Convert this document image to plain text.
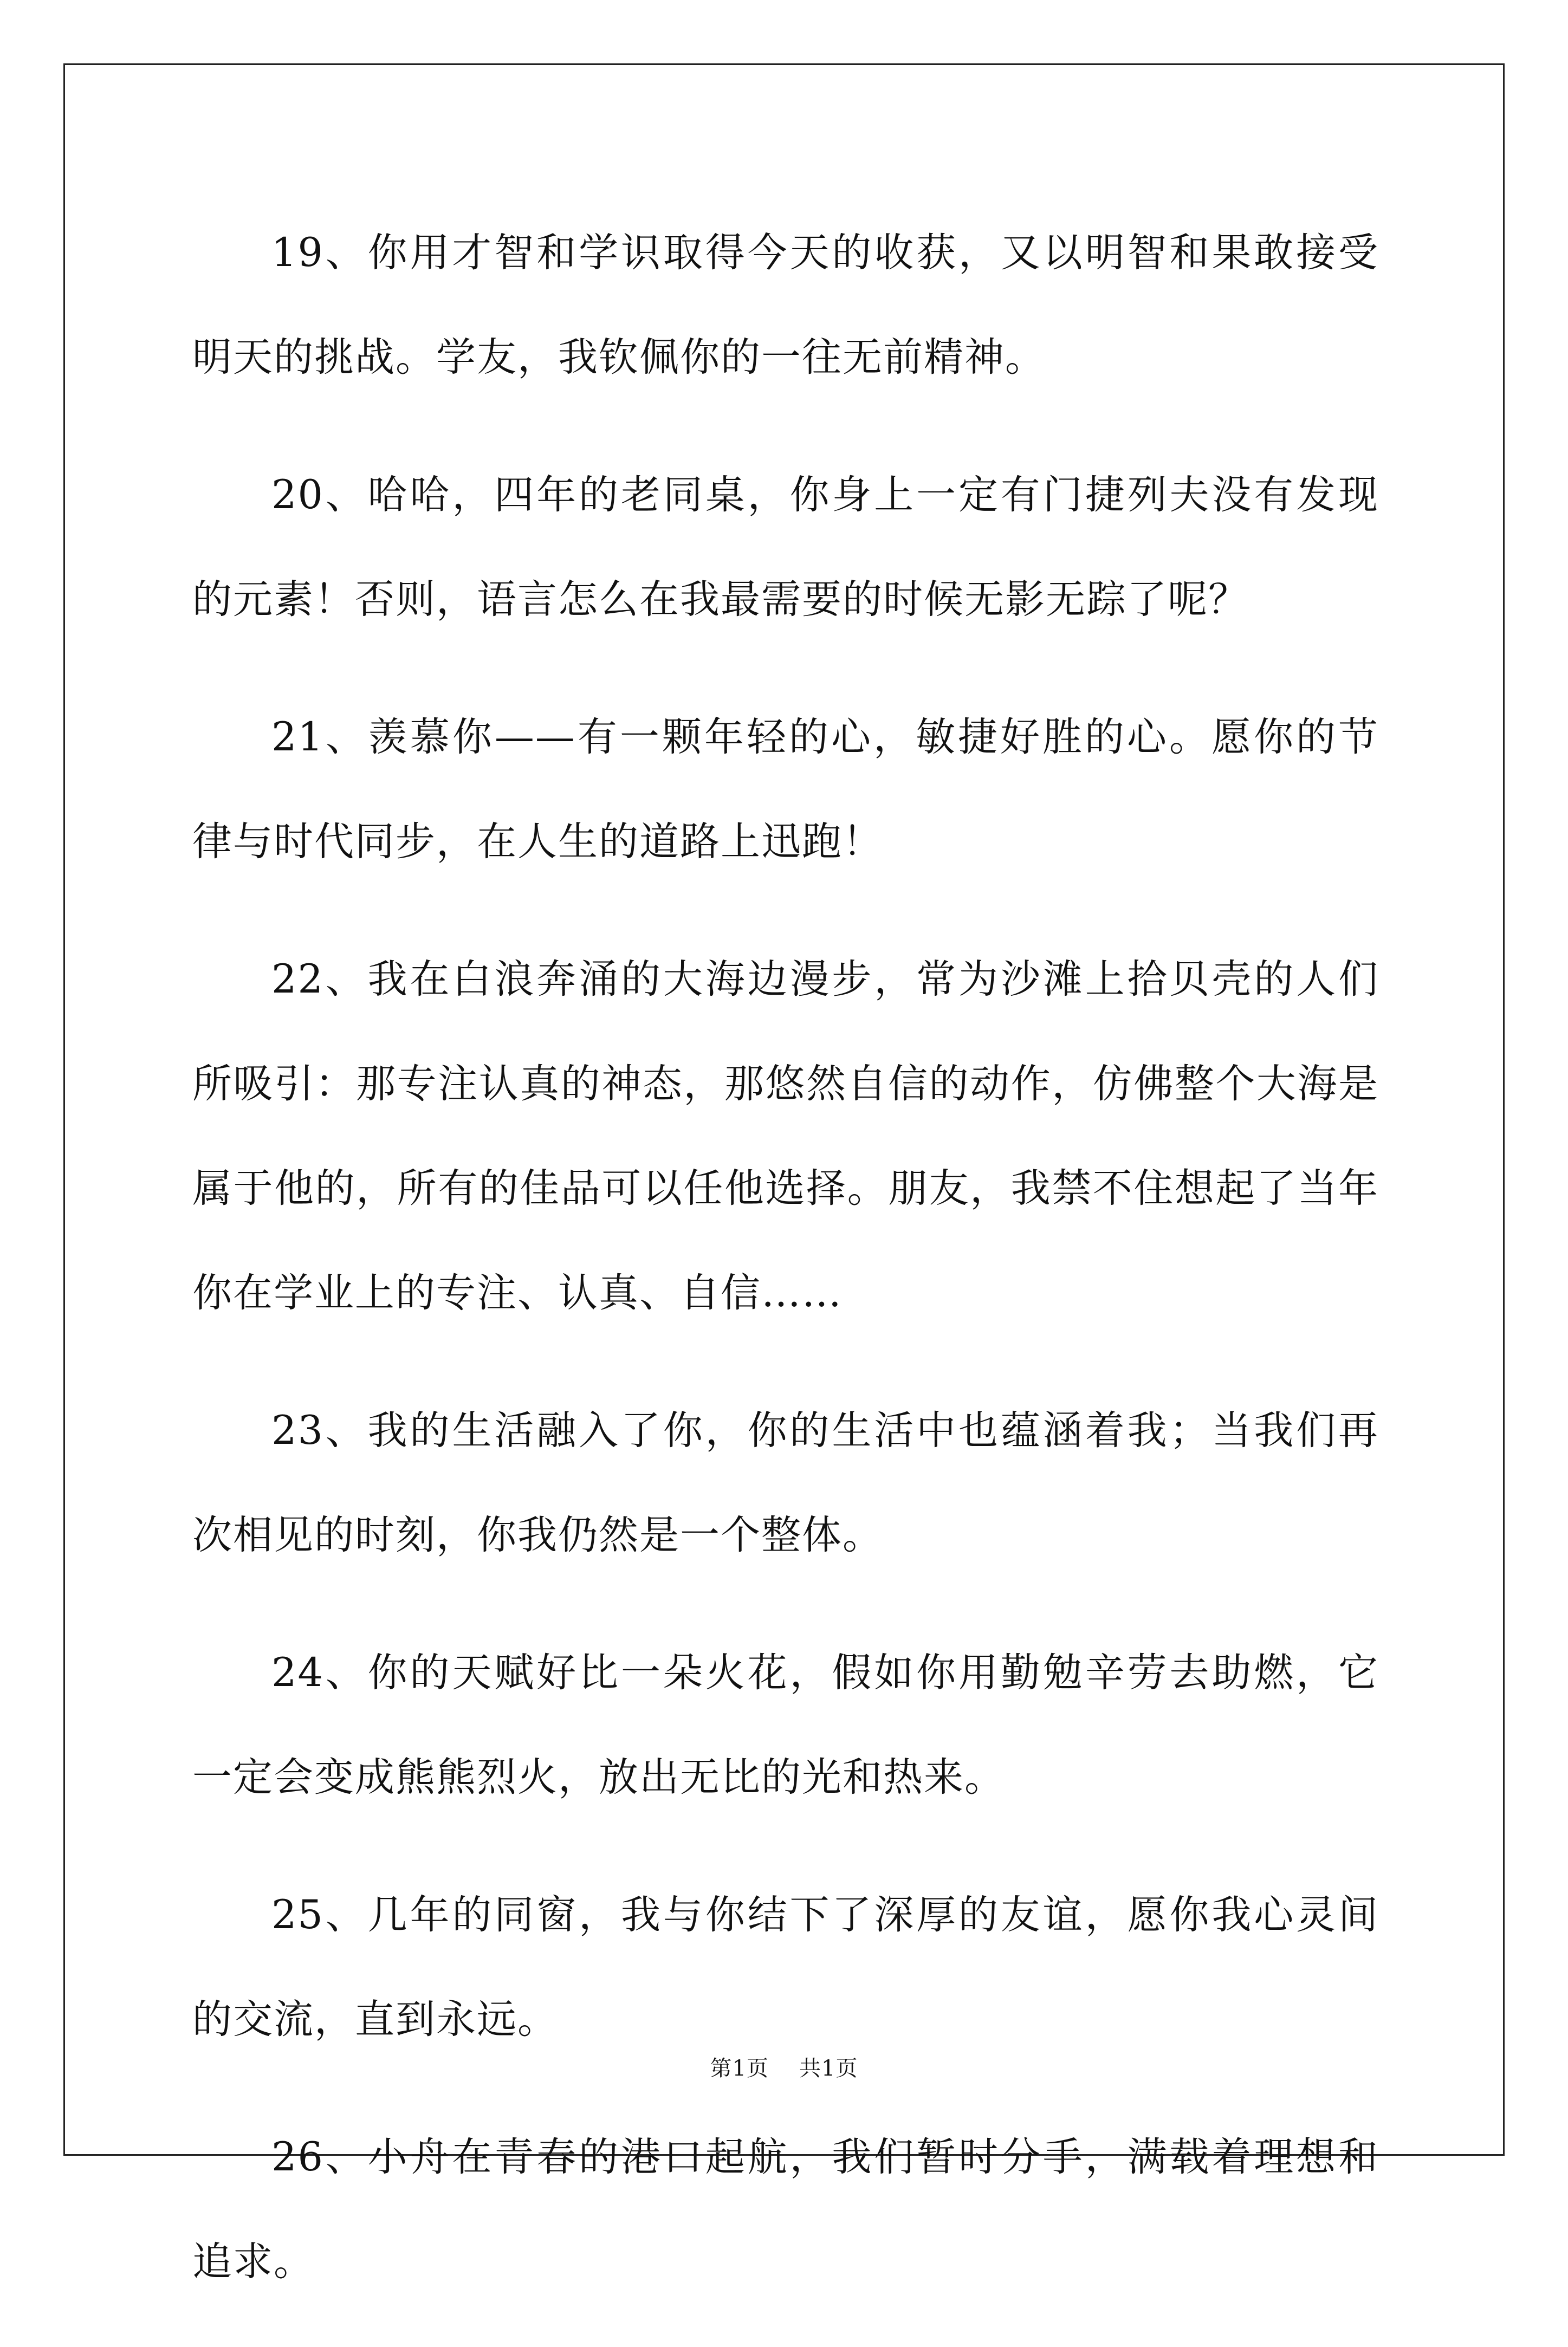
19、你用才智和学识取得今天的收获，又以明智和果敢接受明天的挑战。学友，我钦佩你的一往无前精神。

20、哈哈，四年的老同桌，你身上一定有门捷列夫没有发现的元素！否则，语言怎么在我最需要的时候无影无踪了呢？

21、羡慕你——有一颗年轻的心，敏捷好胜的心。愿你的节律与时代同步，在人生的道路上迅跑！

22、我在白浪奔涌的大海边漫步，常为沙滩上拾贝壳的人们所吸引：那专注认真的神态，那悠然自信的动作，仿佛整个大海是属于他的，所有的佳品可以任他选择。朋友，我禁不住想起了当年你在学业上的专注、认真、自信……

23、我的生活融入了你，你的生活中也蕴涵着我；当我们再次相见的时刻，你我仍然是一个整体。

24、你的天赋好比一朵火花，假如你用勤勉辛劳去助燃，它一定会变成熊熊烈火，放出无比的光和热来。

25、几年的同窗，我与你结下了深厚的友谊，愿你我心灵间的交流，直到永远。

26、小舟在青春的港口起航，我们暂时分手，满载着理想和追求。

第1页 共1页
